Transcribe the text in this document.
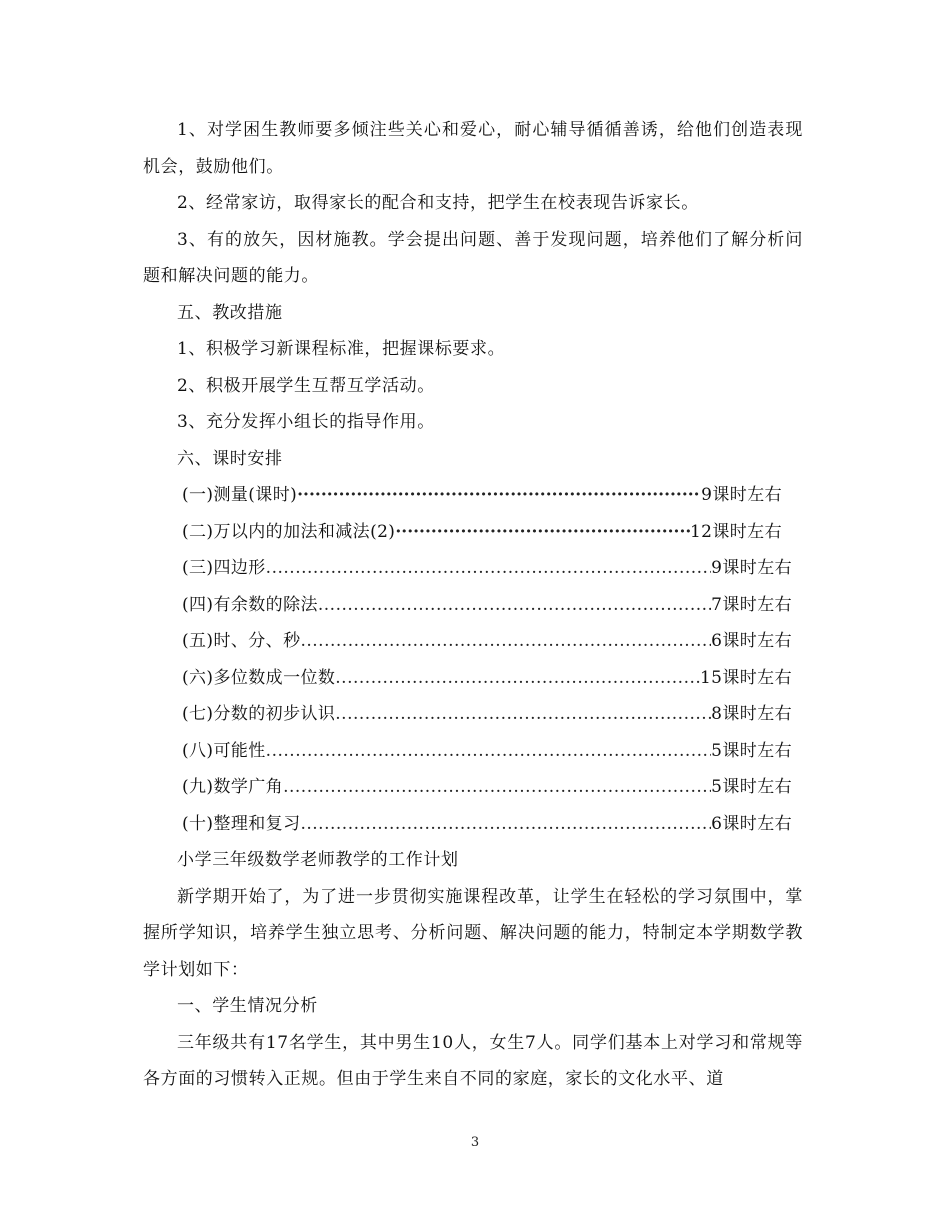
1、对学困生教师要多倾注些关心和爱心，耐心辅导循循善诱，给他们创造表现机会，鼓励他们。

2、经常家访，取得家长的配合和支持，把学生在校表现告诉家长。

3、有的放矢，因材施教。学会提出问题、善于发现问题，培养他们了解分析问题和解决问题的能力。

五、教改措施

1、积极学习新课程标准，把握课标要求。

2、积极开展学生互帮互学活动。

3、充分发挥小组长的指导作用。

六、课时安排

(一)测量(课时) ·····	9课时左右
(二)万以内的加法和减法(2) ·····	12课时左右
(三)四边形 .....	9课时左右
(四)有余数的除法 .....	7课时左右
(五)时、分、秒 .....	6课时左右
(六)多位数成一位数 .....	15课时左右
(七)分数的初步认识 .....	8课时左右
(八)可能性 .....	5课时左右
(九)数学广角 .....	5课时左右
(十)整理和复习 .....	6课时左右

小学三年级数学老师教学的工作计划

新学期开始了，为了进一步贯彻实施课程改革，让学生在轻松的学习氛围中，掌握所学知识，培养学生独立思考、分析问题、解决问题的能力，特制定本学期数学教学计划如下：

一、学生情况分析

三年级共有17名学生，其中男生10人，女生7人。同学们基本上对学习和常规等各方面的习惯转入正规。但由于学生来自不同的家庭，家长的文化水平、道

3
